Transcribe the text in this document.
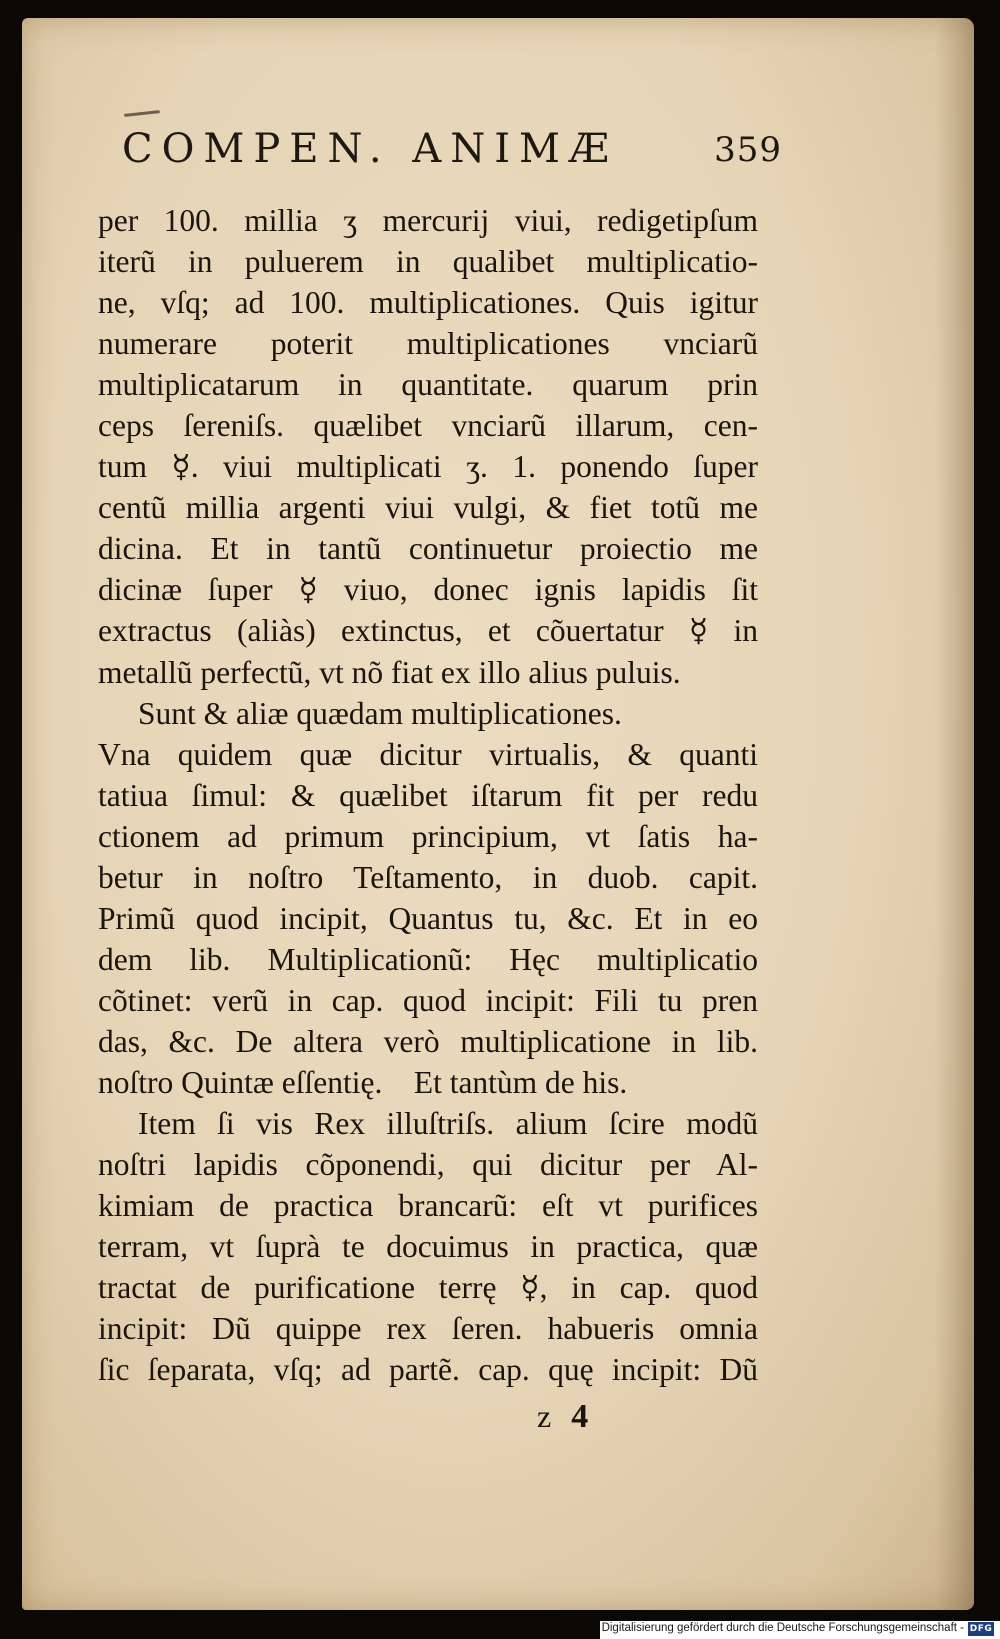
COMPEN. ANIMÆ	359
per 100. millia ʒ mercurij viui, redigetipſum
iterũ in puluerem in qualibet multiplicatio-
ne, vſq; ad 100. multiplicationes. Quis igitur
numerare poterit multiplicationes vnciarũ
multiplicatarum in quantitate. quarum prin
ceps ſereniſs. quælibet vnciarũ illarum, cen-
tum ☿. viui multiplicati ʒ. 1. ponendo ſuper
centũ millia argenti viui vulgi, & fiet totũ me
dicina. Et in tantũ continuetur proiectio me
dicinæ ſuper ☿ viuo, donec ignis lapidis ſit
extractus (aliàs) extinctus, et cõuertatur ☿ in
metallũ perfectũ, vt nõ fiat ex illo alius puluis.
Sunt & aliæ quædam multiplicationes.
Vna quidem quæ dicitur virtualis, & quanti
tatiua ſimul: & quælibet iſtarum fit per redu
ctionem ad primum principium, vt ſatis ha-
betur in noſtro Teſtamento, in duob. capit.
Primũ quod incipit, Quantus tu, &c. Et in eo
dem lib. Multiplicationũ: Hęc multiplicatio
cõtinet: verũ in cap. quod incipit: Fili tu pren
das, &c. De altera verò multiplicatione in lib.
noſtro Quintæ eſſentię.    Et tantùm de his.
Item ſi vis Rex illuſtriſs. alium ſcire modũ
noſtri lapidis cõponendi, qui dicitur per Al-
kimiam de practica brancarũ: eſt vt purifices
terram, vt ſuprà te docuimus in practica, quæ
tractat de purificatione terrę ☿, in cap. quod
incipit: Dũ quippe rex ſeren. habueris omnia
ſic ſeparata, vſq; ad partẽ. cap. quę incipit: Dũ
z 4
Digitalisierung gefördert durch die Deutsche Forschungsgemeinschaft - DFG
